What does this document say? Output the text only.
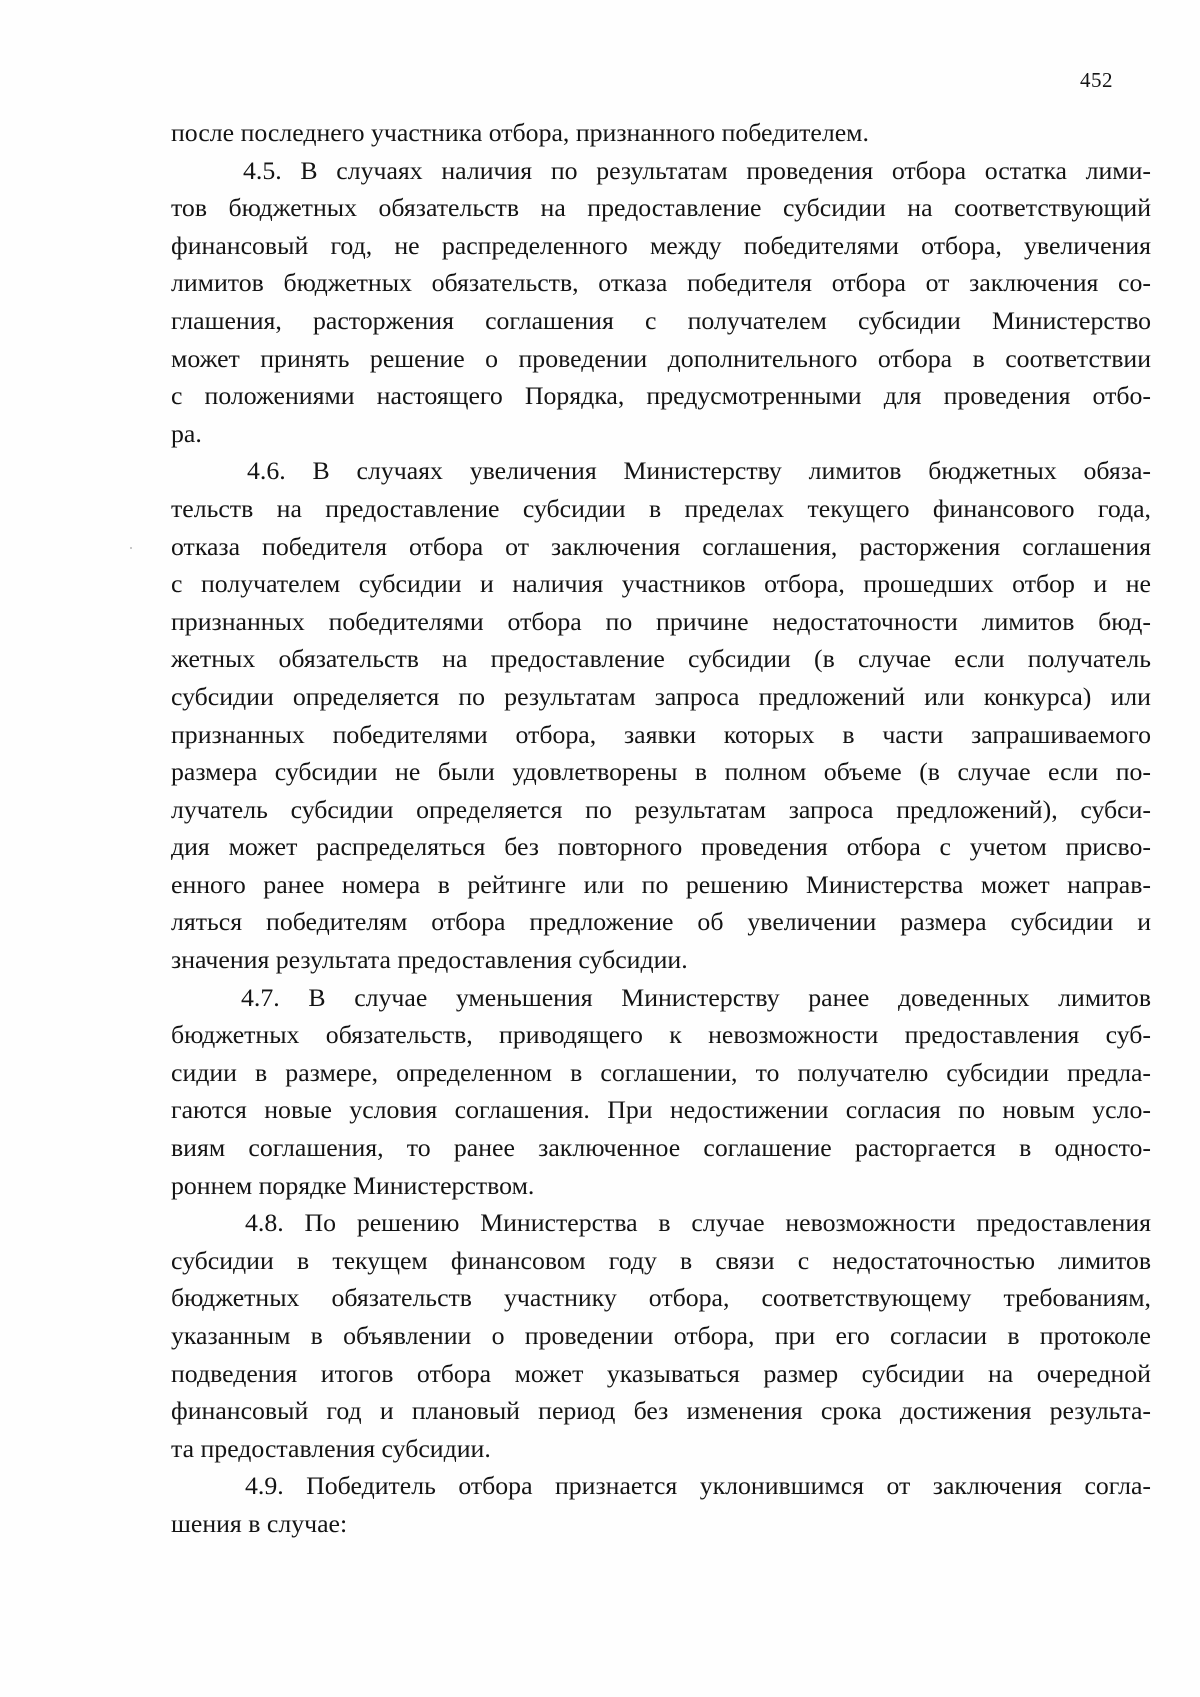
452
после последнего участника отбора, признанного победителем.
4.5. В случаях наличия по результатам проведения отбора остатка лими-
тов бюджетных обязательств на предоставление субсидии на соответствующий
финансовый год, не распределенного между победителями отбора, увеличения
лимитов бюджетных обязательств, отказа победителя отбора от заключения со-
глашения, расторжения соглашения с получателем субсидии Министерство
может принять решение о проведении дополнительного отбора в соответствии
с положениями настоящего Порядка, предусмотренными для проведения отбо-
ра.
4.6. В случаях увеличения Министерству лимитов бюджетных обяза-
тельств на предоставление субсидии в пределах текущего финансового года,
отказа победителя отбора от заключения соглашения, расторжения соглашения
с получателем субсидии и наличия участников отбора, прошедших отбор и не
признанных победителями отбора по причине недостаточности лимитов бюд-
жетных обязательств на предоставление субсидии (в случае если получатель
субсидии определяется по результатам запроса предложений или конкурса) или
признанных победителями отбора, заявки которых в части запрашиваемого
размера субсидии не были удовлетворены в полном объеме (в случае если по-
лучатель субсидии определяется по результатам запроса предложений), субси-
дия может распределяться без повторного проведения отбора с учетом присво-
енного ранее номера в рейтинге или по решению Министерства может направ-
ляться победителям отбора предложение об увеличении размера субсидии и
значения результата предоставления субсидии.
4.7. В случае уменьшения Министерству ранее доведенных лимитов
бюджетных обязательств, приводящего к невозможности предоставления суб-
сидии в размере, определенном в соглашении, то получателю субсидии предла-
гаются новые условия соглашения. При недостижении согласия по новым усло-
виям соглашения, то ранее заключенное соглашение расторгается в односто-
роннем порядке Министерством.
4.8. По решению Министерства в случае невозможности предоставления
субсидии в текущем финансовом году в связи с недостаточностью лимитов
бюджетных обязательств участнику отбора, соответствующему требованиям,
указанным в объявлении о проведении отбора, при его согласии в протоколе
подведения итогов отбора может указываться размер субсидии на очередной
финансовый год и плановый период без изменения срока достижения результа-
та предоставления субсидии.
4.9. Победитель отбора признается уклонившимся от заключения согла-
шения в случае:
